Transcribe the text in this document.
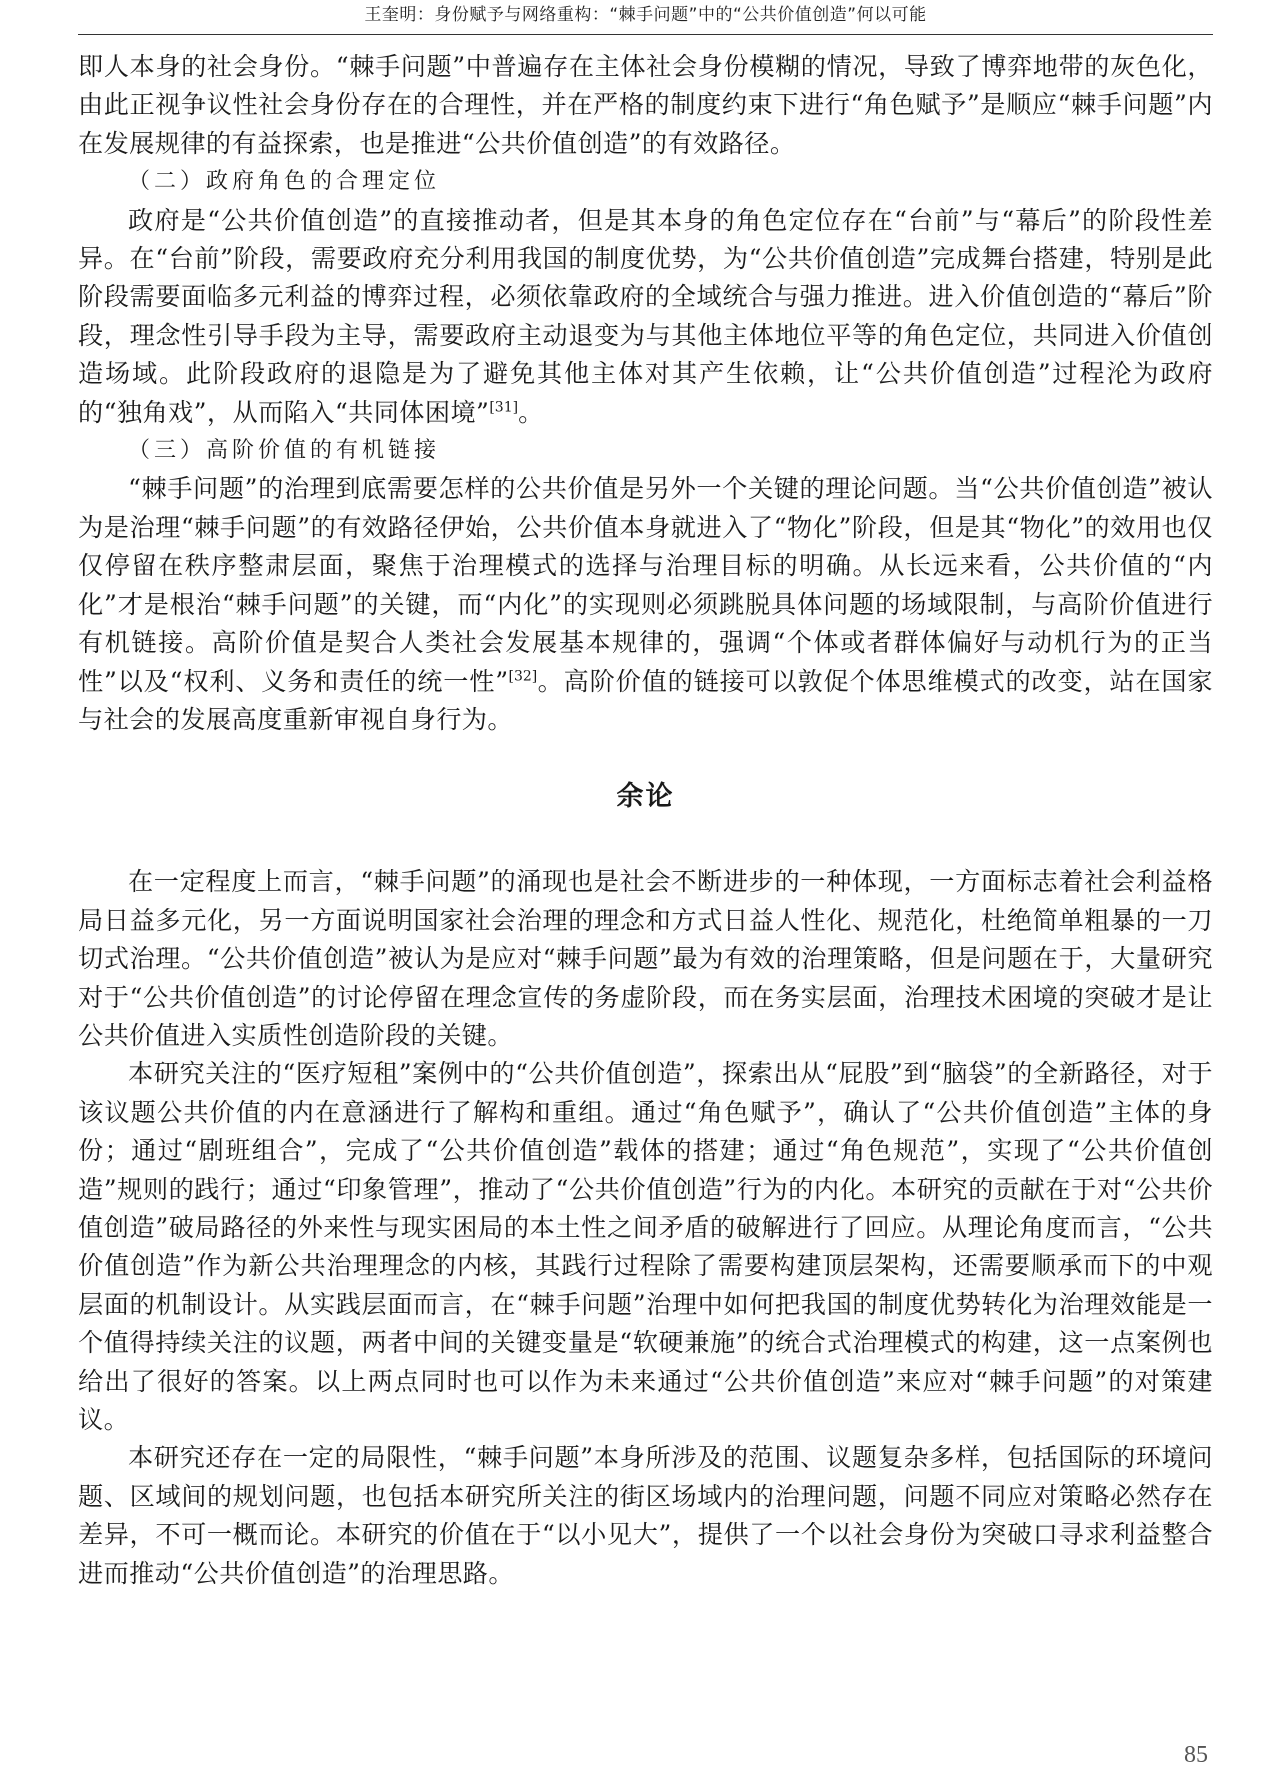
王奎明：身份赋予与网络重构：“棘手问题”中的“公共价值创造”何以可能

即人本身的社会身份。“棘手问题”中普遍存在主体社会身份模糊的情况，导致了博弈地带的灰色化，由此正视争议性社会身份存在的合理性，并在严格的制度约束下进行“角色赋予”是顺应“棘手问题”内在发展规律的有益探索，也是推进“公共价值创造”的有效路径。

（二）政府角色的合理定位

政府是“公共价值创造”的直接推动者，但是其本身的角色定位存在“台前”与“幕后”的阶段性差异。在“台前”阶段，需要政府充分利用我国的制度优势，为“公共价值创造”完成舞台搭建，特别是此阶段需要面临多元利益的博弈过程，必须依靠政府的全域统合与强力推进。进入价值创造的“幕后”阶段，理念性引导手段为主导，需要政府主动退变为与其他主体地位平等的角色定位，共同进入价值创造场域。此阶段政府的退隐是为了避免其他主体对其产生依赖，让“公共价值创造”过程沦为政府的“独角戏”，从而陷入“共同体困境”[31]。

（三）高阶价值的有机链接

“棘手问题”的治理到底需要怎样的公共价值是另外一个关键的理论问题。当“公共价值创造”被认为是治理“棘手问题”的有效路径伊始，公共价值本身就进入了“物化”阶段，但是其“物化”的效用也仅仅停留在秩序整肃层面，聚焦于治理模式的选择与治理目标的明确。从长远来看，公共价值的“内化”才是根治“棘手问题”的关键，而“内化”的实现则必须跳脱具体问题的场域限制，与高阶价值进行有机链接。高阶价值是契合人类社会发展基本规律的，强调“个体或者群体偏好与动机行为的正当性”以及“权利、义务和责任的统一性”[32]。高阶价值的链接可以敦促个体思维模式的改变，站在国家与社会的发展高度重新审视自身行为。

余论

在一定程度上而言，“棘手问题”的涌现也是社会不断进步的一种体现，一方面标志着社会利益格局日益多元化，另一方面说明国家社会治理的理念和方式日益人性化、规范化，杜绝简单粗暴的一刀切式治理。“公共价值创造”被认为是应对“棘手问题”最为有效的治理策略，但是问题在于，大量研究对于“公共价值创造”的讨论停留在理念宣传的务虚阶段，而在务实层面，治理技术困境的突破才是让公共价值进入实质性创造阶段的关键。

本研究关注的“医疗短租”案例中的“公共价值创造”，探索出从“屁股”到“脑袋”的全新路径，对于该议题公共价值的内在意涵进行了解构和重组。通过“角色赋予”，确认了“公共价值创造”主体的身份；通过“剧班组合”，完成了“公共价值创造”载体的搭建；通过“角色规范”，实现了“公共价值创造”规则的践行；通过“印象管理”，推动了“公共价值创造”行为的内化。本研究的贡献在于对“公共价值创造”破局路径的外来性与现实困局的本土性之间矛盾的破解进行了回应。从理论角度而言，“公共价值创造”作为新公共治理理念的内核，其践行过程除了需要构建顶层架构，还需要顺承而下的中观层面的机制设计。从实践层面而言，在“棘手问题”治理中如何把我国的制度优势转化为治理效能是一个值得持续关注的议题，两者中间的关键变量是“软硬兼施”的统合式治理模式的构建，这一点案例也给出了很好的答案。以上两点同时也可以作为未来通过“公共价值创造”来应对“棘手问题”的对策建议。

本研究还存在一定的局限性，“棘手问题”本身所涉及的范围、议题复杂多样，包括国际的环境问题、区域间的规划问题，也包括本研究所关注的街区场域内的治理问题，问题不同应对策略必然存在差异，不可一概而论。本研究的价值在于“以小见大”，提供了一个以社会身份为突破口寻求利益整合进而推动“公共价值创造”的治理思路。

85
